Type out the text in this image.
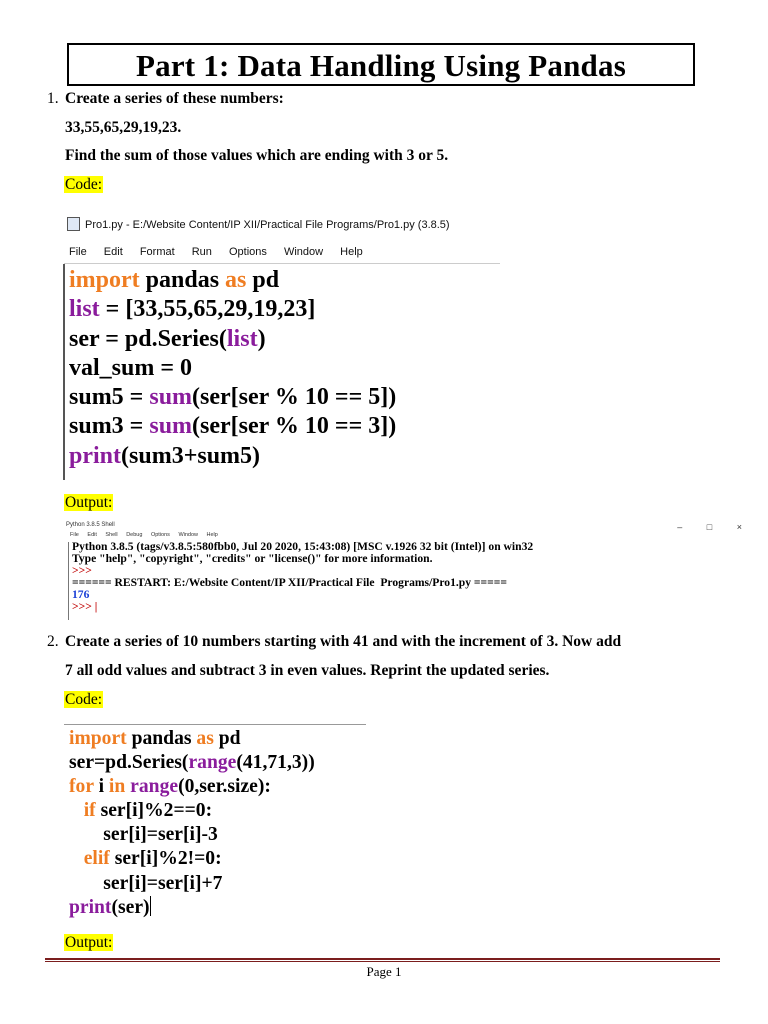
Part 1: Data Handling Using Pandas
1. Create a series of these numbers:
33,55,65,29,19,23.
Find the sum of those values which are ending with 3 or 5.
Code:
Pro1.py - E:/Website Content/IP XII/Practical File Programs/Pro1.py (3.8.5)
File Edit Format Run Options Window Help
import pandas as pd
list = [33,55,65,29,19,23]
ser = pd.Series(list)
val_sum = 0
sum5 = sum(ser[ser % 10 == 5])
sum3 = sum(ser[ser % 10 == 3])
print(sum3+sum5)
Output:
Python 3.8.5 Shell	–	□	×
File Edit Shell Debug Options Window Help
Python 3.8.5 (tags/v3.8.5:580fbb0, Jul 20 2020, 15:43:08) [MSC v.1926 32 bit (Intel)] on win32
Type "help", "copyright", "credits" or "license()" for more information.
>>>
====== RESTART: E:/Website Content/IP XII/Practical File  Programs/Pro1.py =====
176
>>> |
2. Create a series of 10 numbers starting with 41 and with the increment of 3. Now add
7 all odd values and subtract 3 in even values. Reprint the updated series.
Code:
import pandas as pd
ser=pd.Series(range(41,71,3))
for i in range(0,ser.size):
if ser[i]%2==0:
ser[i]=ser[i]-3
elif ser[i]%2!=0:
ser[i]=ser[i]+7
print(ser)
Output:
Page 1
